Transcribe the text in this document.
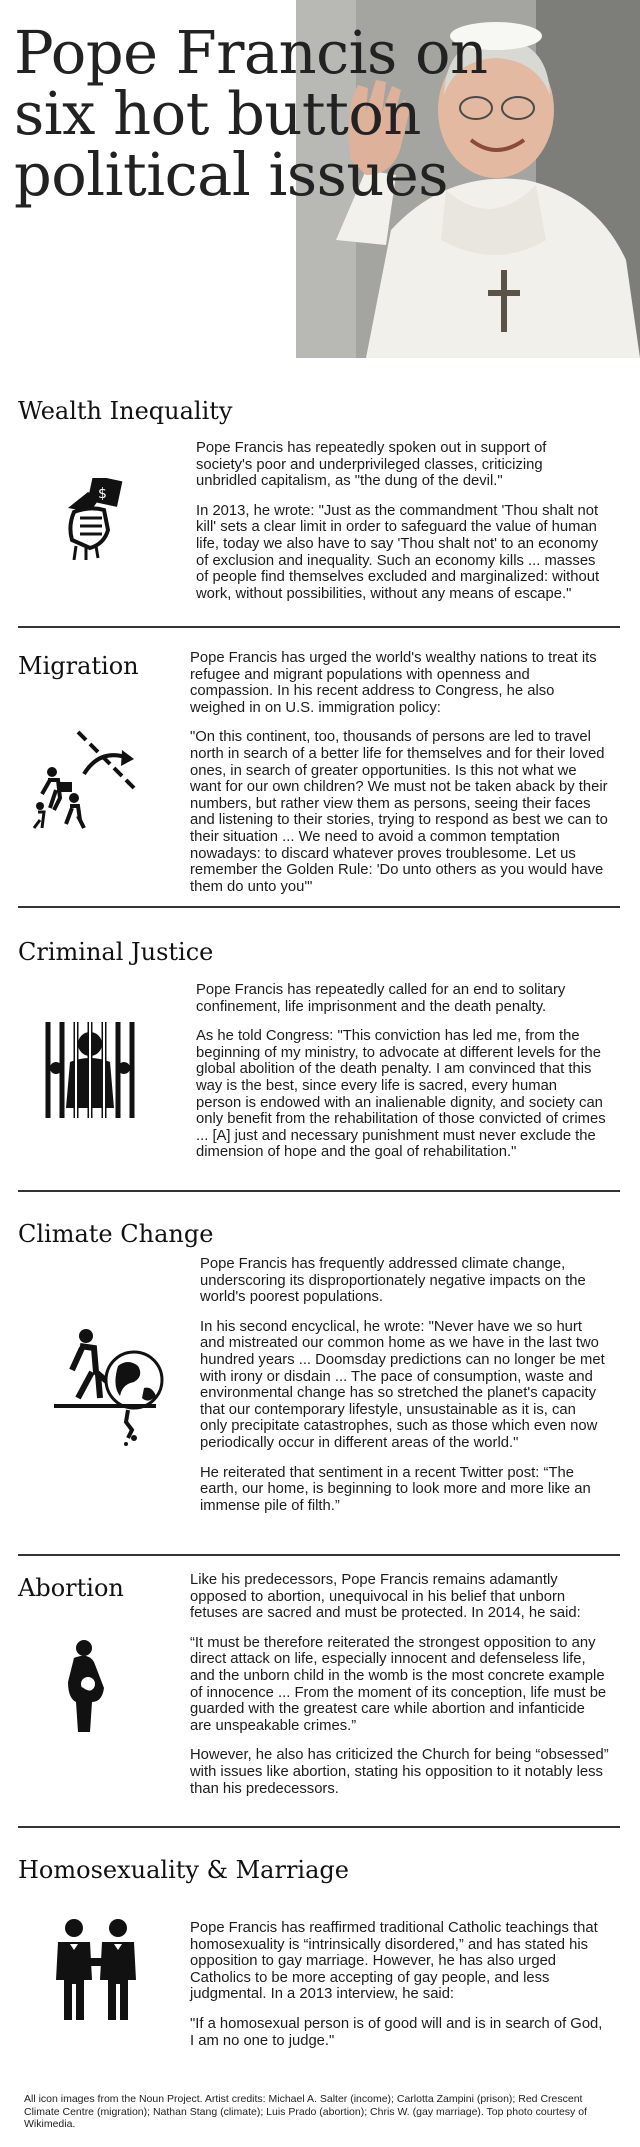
Pope Francis on six hot button political issues
Wealth Inequality
$

Pope Francis has repeatedly spoken out in support of society's poor and underprivileged classes, criticizing unbridled capitalism, as "the dung of the devil."

In 2013, he wrote: "Just as the commandment 'Thou shalt not kill' sets a clear limit in order to safeguard the value of human life, today we also have to say 'Thou shalt not' to an economy of exclusion and inequality. Such an economy kills ... masses of people find themselves excluded and marginalized: without work, without possibilities, without any means of escape."

Migration	Pope Francis has urged the world's wealthy nations to treat its refugee and migrant populations with openness and compassion. In his recent address to Congress, he also weighed in on U.S. immigration policy:

"On this continent, too, thousands of persons are led to travel north in search of a better life for themselves and for their loved ones, in search of greater opportunities. Is this not what we want for our own children? We must not be taken aback by their numbers, but rather view them as persons, seeing their faces and listening to their stories, trying to respond as best we can to their situation ... We need to avoid a common temptation nowadays: to discard whatever proves troublesome. Let us remember the Golden Rule: 'Do unto others as you would have them do unto you'"

Criminal Justice

Pope Francis has repeatedly called for an end to solitary confinement, life imprisonment and the death penalty.

As he told Congress: "This conviction has led me, from the beginning of my ministry, to advocate at different levels for the global abolition of the death penalty. I am convinced that this way is the best, since every life is sacred, every human person is endowed with an inalienable dignity, and society can only benefit from the rehabilitation of those convicted of crimes ... [A] just and necessary punishment must never exclude the dimension of hope and the goal of rehabilitation."

Climate Change

Pope Francis has frequently addressed climate change, underscoring its disproportionately negative impacts on the world's poorest populations.

In his second encyclical, he wrote: "Never have we so hurt and mistreated our common home as we have in the last two hundred years ... Doomsday predictions can no longer be met with irony or disdain ... The pace of consumption, waste and environmental change has so stretched the planet's capacity that our contemporary lifestyle, unsustainable as it is, can only precipitate catastrophes, such as those which even now periodically occur in different areas of the world."

He reiterated that sentiment in a recent Twitter post: “The earth, our home, is beginning to look more and more like an immense pile of filth.”

Abortion	Like his predecessors, Pope Francis remains adamantly opposed to abortion, unequivocal in his belief that unborn fetuses are sacred and must be protected. In 2014, he said:

“It must be therefore reiterated the strongest opposition to any direct attack on life, especially innocent and defenseless life, and the unborn child in the womb is the most concrete example of innocence ... From the moment of its conception, life must be guarded with the greatest care while abortion and infanticide are unspeakable crimes.”

However, he also has criticized the Church for being “obsessed” with issues like abortion, stating his opposition to it notably less than his predecessors.

Homosexuality & Marriage

Pope Francis has reaffirmed traditional Catholic teachings that homosexuality is “intrinsically disordered,” and has stated his opposition to gay marriage. However, he has also urged Catholics to be more accepting of gay people, and less judgmental. In a 2013 interview, he said:

"If a homosexual person is of good will and is in search of God, I am no one to judge."

All icon images from the Noun Project. Artist credits: Michael A. Salter (income); Carlotta Zampini (prison); Red Crescent Climate Centre (migration); Nathan Stang (climate); Luis Prado (abortion); Chris W. (gay marriage). Top photo courtesy of Wikimedia.
